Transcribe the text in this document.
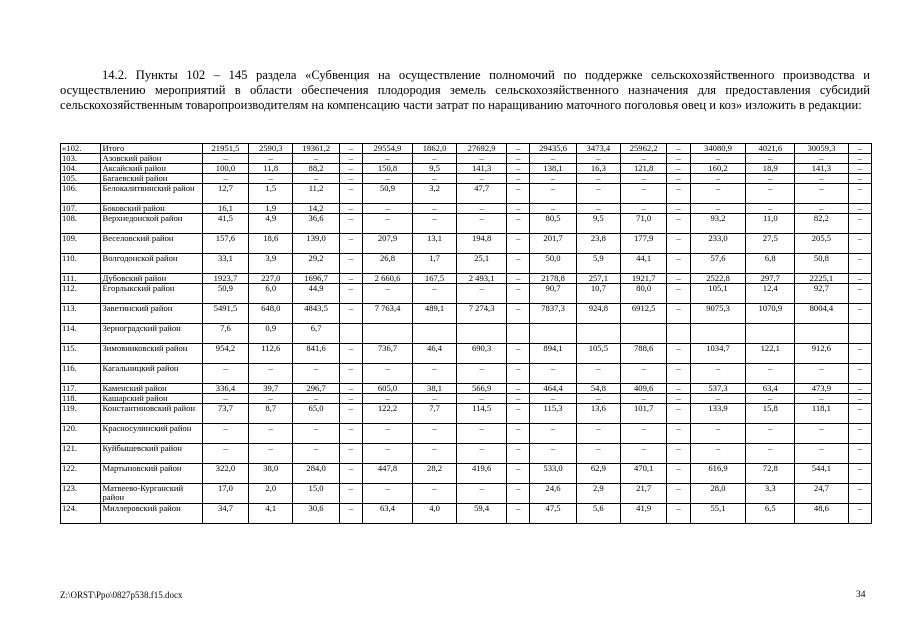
14.2. Пункты 102 – 145 раздела «Субвенция на осуществление полномочий по поддержке сельскохозяйственного производства и осуществлению мероприятий в области обеспечения плодородия земель сельскохозяйственного назначения для предоставления субсидий сельскохозяйственным товаропроизводителям на компенсацию части затрат по наращиванию маточного поголовья овец и коз» изложить в редакции:

«102.	Итого	21951,5	2590,3	19361,2	–	29554,9	1862,0	27692,9	–	29435,6	3473,4	25962,2	–	34080,9	4021,6	30059,3	–
103.	Азовский район	–	–	–	–	–	–	–	–	–	–	–	–	–	–	–	–
104.	Аксайский район	100,0	11,8	88,2	–	150,8	9,5	141,3	–	138,1	16,3	121,8	–	160,2	18,9	141,3	–
105.	Багаевский район	–	–	–	–	–	–	–	–	–	–	–	–	–	–	–	–
106.	Белокалитвинский район	12,7	1,5	11,2	–	50,9	3,2	47,7	–	–	–	–	–	–	–	–	–
107.	Боковский район	16,1	1,9	14,2	–	–	–	–	–	–	–	–	–	–	–	–	–
108.	Верхнедонской район	41,5	4,9	36,6	–	–	–	–	–	80,5	9,5	71,0	–	93,2	11,0	82,2	–
109.	Веселовский район	157,6	18,6	139,0	–	207,9	13,1	194,8	–	201,7	23,8	177,9	–	233,0	27,5	205,5	–
110.	Волгодонской район	33,1	3,9	29,2	–	26,8	1,7	25,1	–	50,0	5,9	44,1	–	57,6	6,8	50,8	–
111.	Дубовский район	1923,7	227,0	1696,7	–	2 660,6	167,5	2 493,1	–	2178,8	257,1	1921,7	–	2522,8	297,7	2225,1	–
112.	Егорлыкский район	50,9	6,0	44,9	–	–	–	–	–	90,7	10,7	80,0	–	105,1	12,4	92,7	–
113.	Заветинский район	5491,5	648,0	4843,5	–	7 763,4	489,1	7 274,3	–	7837,3	924,8	6912,5	–	9075,3	1070,9	8004,4	–
114.	Зерноградский район	7,6	0,9	6,7													
115.	Зимовниковский район	954,2	112,6	841,6	–	736,7	46,4	690,3	–	894,1	105,5	788,6	–	1034,7	122,1	912,6	–
116.	Кагальницкий район	–	–	–	–	–	–	–	–	–	–	–	–	–	–	–	–
117.	Каменский район	336,4	39,7	296,7	–	605,0	38,1	566,9	–	464,4	54,8	409,6	–	537,3	63,4	473,9	–
118.	Кашарский район	–	–	–	–	–	–	–	–	–	–	–	–	–	–	–	–
119.	Константиновский район	73,7	8,7	65,0	–	122,2	7,7	114,5	–	115,3	13,6	101,7	–	133,9	15,8	118,1	–
120.	Красносулинский район	–	–	–	–	–	–	–	–	–	–	–	–	–	–	–	–
121.	Куйбышевский район	–	–	–	–	–	–	–	–	–	–	–	–	–	–	–	–
122.	Мартыновский район	322,0	38,0	284,0	–	447,8	28,2	419,6	–	533,0	62,9	470,1	–	616,9	72,8	544,1	–
123.	Матвеево-Курганский район	17,0	2,0	15,0	–	–	–	–	–	24,6	2,9	21,7	–	28,0	3,3	24,7	–
124.	Миллеровский район	34,7	4,1	30,6	–	63,4	4,0	59,4	–	47,5	5,6	41,9	–	55,1	6,5	48,6	–
Z:\ORST\Ppo\0827p538.f15.docx	34
